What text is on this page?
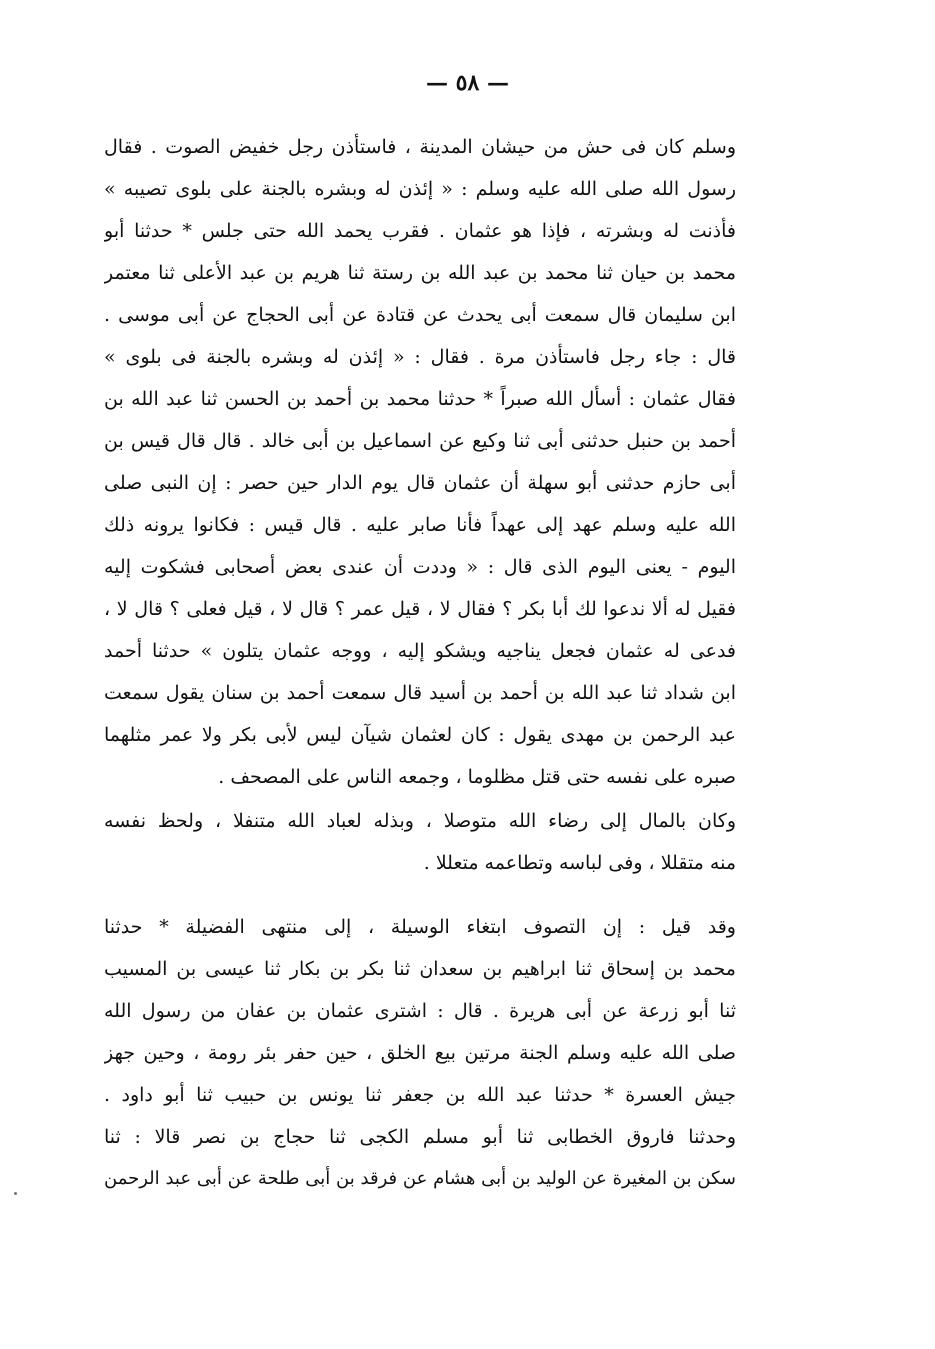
— ٥٨ —
وسلم كان فى حش من حيشان المدينة ، فاستأذن رجل خفيض الصوت . فقال
رسول الله صلى الله عليه وسلم : « إئذن له وبشره بالجنة على بلوى تصيبه »
فأذنت له وبشرته ، فإذا هو عثمان . فقرب يحمد الله حتى جلس * حدثنا أبو
محمد بن حيان ثنا محمد بن عبد الله بن رستة ثنا هريم بن عبد الأعلى ثنا معتمر
ابن سليمان قال سمعت أبى يحدث عن قتادة عن أبى الحجاج عن أبى موسى .
قال : جاء رجل فاستأذن مرة . فقال : « إئذن له وبشره بالجنة فى بلوى »
فقال عثمان : أسأل الله صبراً * حدثنا محمد بن أحمد بن الحسن ثنا عبد الله بن
أحمد بن حنبل حدثنى أبى ثنا وكيع عن اسماعيل بن أبى خالد . قال قال قيس بن
أبى حازم حدثنى أبو سهلة أن عثمان قال يوم الدار حين حصر : إن النبى صلى
الله عليه وسلم عهد إلى عهداً فأنا صابر عليه . قال قيس : فكانوا يرونه ذلك
اليوم - يعنى اليوم الذى قال : « وددت أن عندى بعض أصحابى فشكوت إليه
فقيل له ألا ندعوا لك أبا بكر ؟ فقال لا ، قيل عمر ؟ قال لا ، قيل فعلى ؟ قال لا ،
فدعى له عثمان فجعل يناجيه ويشكو إليه ، ووجه عثمان يتلون » حدثنا أحمد
ابن شداد ثنا عبد الله بن أحمد بن أسيد قال سمعت أحمد بن سنان يقول سمعت
عبد الرحمن بن مهدى يقول : كان لعثمان شيآن ليس لأبى بكر ولا عمر مثلهما
صبره على نفسه حتى قتل مظلوما ، وجمعه الناس على المصحف .
وكان بالمال إلى رضاء الله متوصلا ، وبذله لعباد الله متنفلا ، ولحظ نفسه
منه متقللا ، وفى لباسه وتطاعمه متعللا .
وقد قيل : إن التصوف ابتغاء الوسيلة ، إلى منتهى الفضيلة * حدثنا
محمد بن إسحاق ثنا ابراهيم بن سعدان ثنا بكر بن بكار ثنا عيسى بن المسيب
ثنا أبو زرعة عن أبى هريرة . قال : اشترى عثمان بن عفان من رسول الله
صلى الله عليه وسلم الجنة مرتين بيع الخلق ، حين حفر بئر رومة ، وحين جهز
جيش العسرة * حدثنا عبد الله بن جعفر ثنا يونس بن حبيب ثنا أبو داود .
وحدثنا فاروق الخطابى ثنا أبو مسلم الكجى ثنا حجاج بن نصر قالا : ثنا
سكن بن المغيرة عن الوليد بن أبى هشام عن فرقد بن أبى طلحة عن أبى عبد الرحمن
